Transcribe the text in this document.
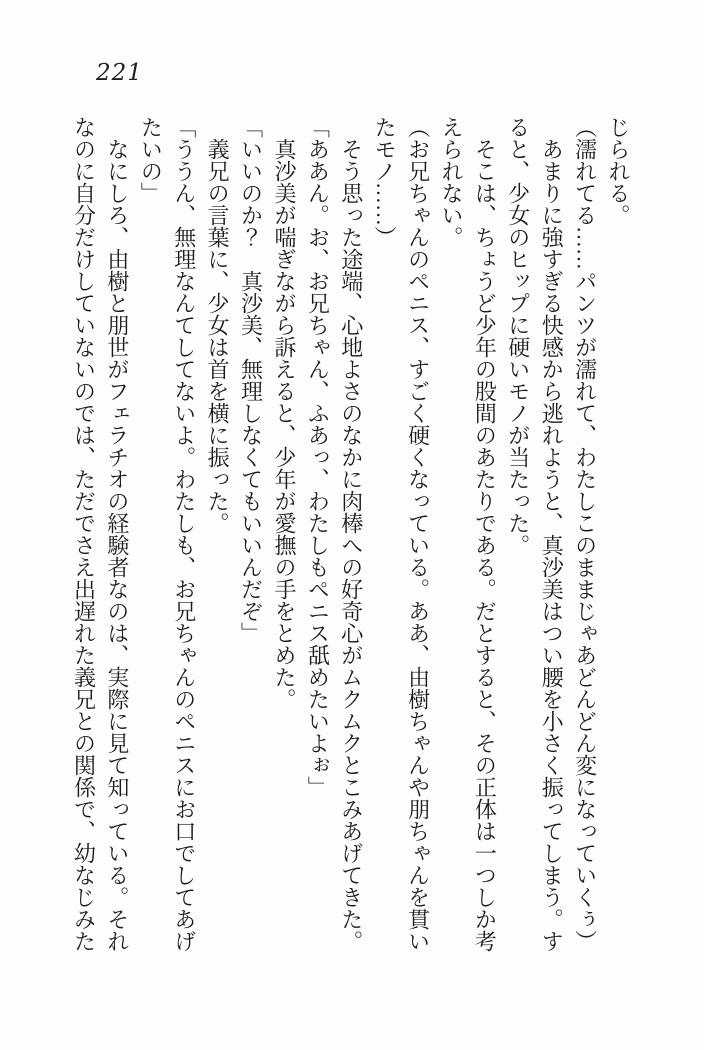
221

じられる。

（濡れてる……パンツが濡れて、わたしこのままじゃあどんどん変になっていくぅ）

　あまりに強すぎる快感から逃れようと、真沙美はつい腰を小さく振ってしまう。す

ると、少女のヒップに硬いモノが当たった。

　そこは、ちょうど少年の股間のあたりである。だとすると、その正体は一つしか考

えられない。

（お兄ちゃんのペニス、すごく硬くなっている。ああ、由樹ちゃんや朋ちゃんを貫い

たモノ……）

　そう思った途端、心地よさのなかに肉棒への好奇心がムクムクとこみあげてきた。

「ああん。お、お兄ちゃん、ふあっ、わたしもペニス舐めたいよぉ」

　真沙美が喘ぎながら訴えると、少年が愛撫の手をとめた。

「いいのか？　真沙美、無理しなくてもいいんだぞ」

　義兄の言葉に、少女は首を横に振った。

「ううん、無理なんてしてないよ。わたしも、お兄ちゃんのペニスにお口でしてあげ

たいの」

　なにしろ、由樹と朋世がフェラチオの経験者なのは、実際に見て知っている。それ

なのに自分だけしていないのでは、ただでさえ出遅れた義兄との関係で、幼なじみた
